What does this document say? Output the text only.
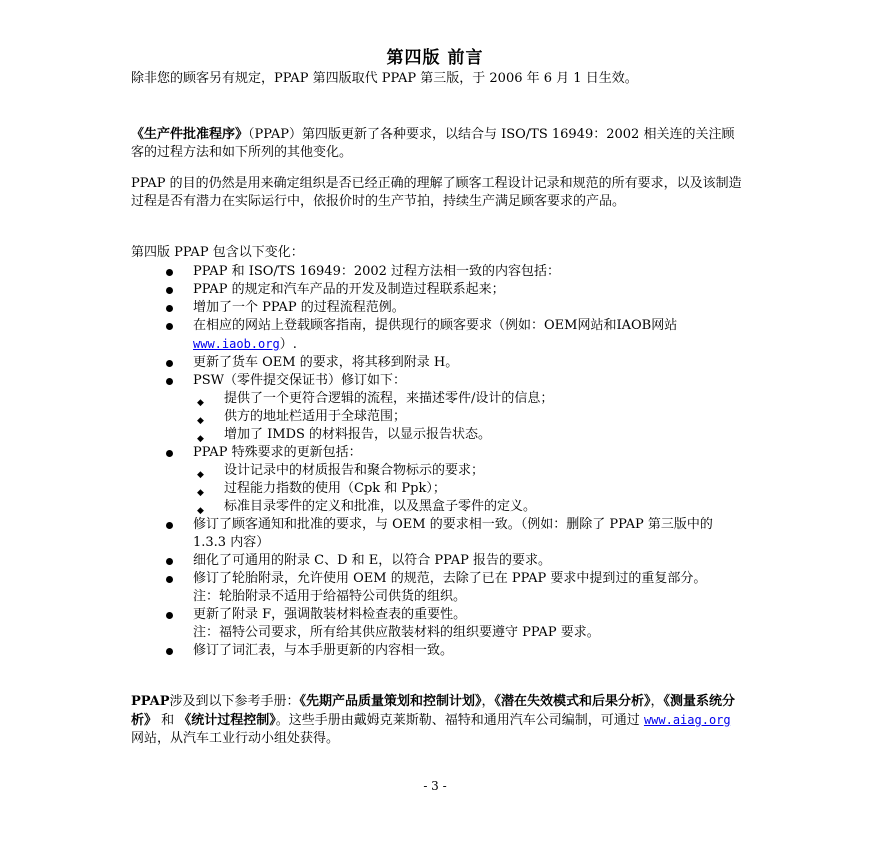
第四版 前言

除非您的顾客另有规定，PPAP 第四版取代 PPAP 第三版，于 2006 年 6 月 1 日生效。

《生产件批准程序》（PPAP）第四版更新了各种要求，以结合与 ISO/TS 16949：2002 相关连的关注顾客的过程方法和如下所列的其他变化。

PPAP 的目的仍然是用来确定组织是否已经正确的理解了顾客工程设计记录和规范的所有要求，以及该制造过程是否有潜力在实际运行中，依报价时的生产节拍，持续生产满足顾客要求的产品。

第四版 PPAP 包含以下变化：

PPAP 和 ISO/TS 16949：2002 过程方法相一致的内容包括：
PPAP 的规定和汽车产品的开发及制造过程联系起来；
增加了一个 PPAP 的过程流程范例。
在相应的网站上登载顾客指南，提供现行的顾客要求（例如：OEM网站和IAOB网站 www.iaob.org）.
更新了货车 OEM 的要求，将其移到附录 H。
PSW（零件提交保证书）修订如下：
◆ 提供了一个更符合逻辑的流程，来描述零件/设计的信息；
◆ 供方的地址栏适用于全球范围；
◆ 增加了 IMDS 的材料报告，以显示报告状态。
PPAP 特殊要求的更新包括：
◆ 设计记录中的材质报告和聚合物标示的要求；
◆ 过程能力指数的使用（Cpk 和 Ppk）；
◆ 标准目录零件的定义和批准，以及黑盒子零件的定义。
修订了顾客通知和批准的要求，与 OEM 的要求相一致。（例如：删除了 PPAP 第三版中的 1.3.3 内容）
细化了可通用的附录 C、D 和 E，以符合 PPAP 报告的要求。
修订了轮胎附录，允许使用 OEM 的规范，去除了已在 PPAP 要求中提到过的重复部分。
注：轮胎附录不适用于给福特公司供货的组织。
更新了附录 F，强调散装材料检查表的重要性。
注：福特公司要求，所有给其供应散装材料的组织要遵守 PPAP 要求。
修订了词汇表，与本手册更新的内容相一致。

PPAP涉及到以下参考手册：《先期产品质量策划和控制计划》，《潜在失效模式和后果分析》，《测量系统分析》 和 《统计过程控制》。这些手册由戴姆克莱斯勒、福特和通用汽车公司编制，可通过 www.aiag.org网站，从汽车工业行动小组处获得。

- 3 -
